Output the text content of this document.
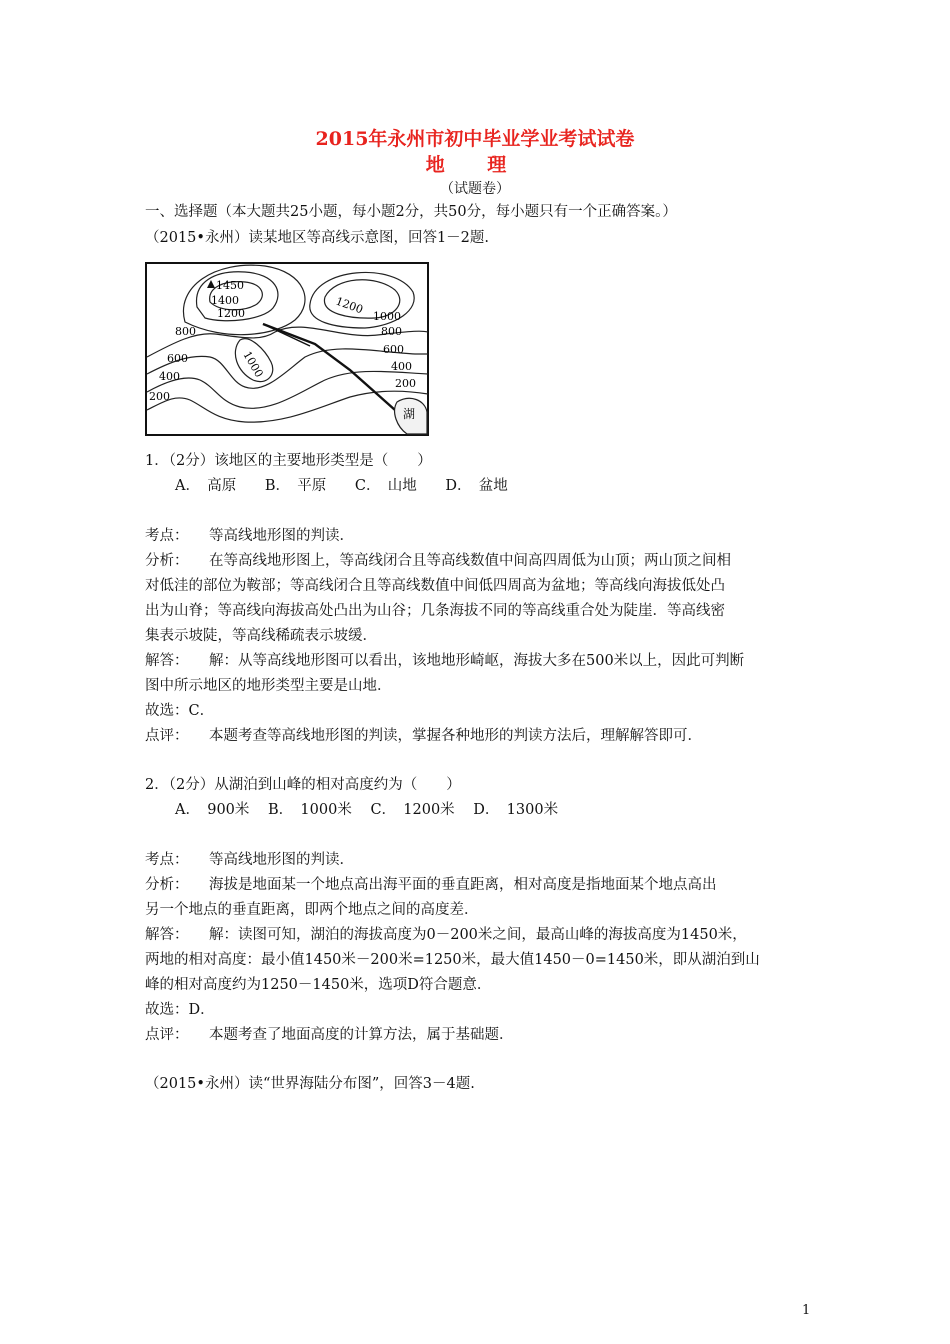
2015年永州市初中毕业学业考试试卷
地 理
（试题卷）
一、选择题（本大题共25小题，每小题2分，共50分，每小题只有一个正确答案。）
（2015•永州）读某地区等高线示意图，回答1－2题.
1450
1400
1200	1200
1000
800
800
600
600
400
400
200
200
1000
湖
1．（2分）该地区的主要地形类型是（　　）
A．　高原 B．　平原 C．　山地 D．　盆地
考点： 等高线地形图的判读．
分析： 在等高线地形图上，等高线闭合且等高线数值中间高四周低为山顶；两山顶之间相
对低洼的部位为鞍部；等高线闭合且等高线数值中间低四周高为盆地；等高线向海拔低处凸
出为山脊；等高线向海拔高处凸出为山谷；几条海拔不同的等高线重合处为陡崖．等高线密
集表示坡陡，等高线稀疏表示坡缓．
解答： 解：从等高线地形图可以看出，该地地形崎岖，海拔大多在500米以上，因此可判断
图中所示地区的地形类型主要是山地．
故选：C．
点评： 本题考查等高线地形图的判读，掌握各种地形的判读方法后，理解解答即可．
2．（2分）从湖泊到山峰的相对高度约为（　　）
A．　900米 B．　1000米 C．　1200米 D．　1300米
考点： 等高线地形图的判读．
分析： 海拔是地面某一个地点高出海平面的垂直距离，相对高度是指地面某个地点高出
另一个地点的垂直距离，即两个地点之间的高度差．
解答： 解：读图可知，湖泊的海拔高度为0－200米之间，最高山峰的海拔高度为1450米，
两地的相对高度：最小值1450米－200米=1250米，最大值1450－0=1450米，即从湖泊到山
峰的相对高度约为1250－1450米，选项D符合题意．
故选：D．
点评： 本题考查了地面高度的计算方法，属于基础题．
（2015•永州）读“世界海陆分布图”，回答3－4题.
1
